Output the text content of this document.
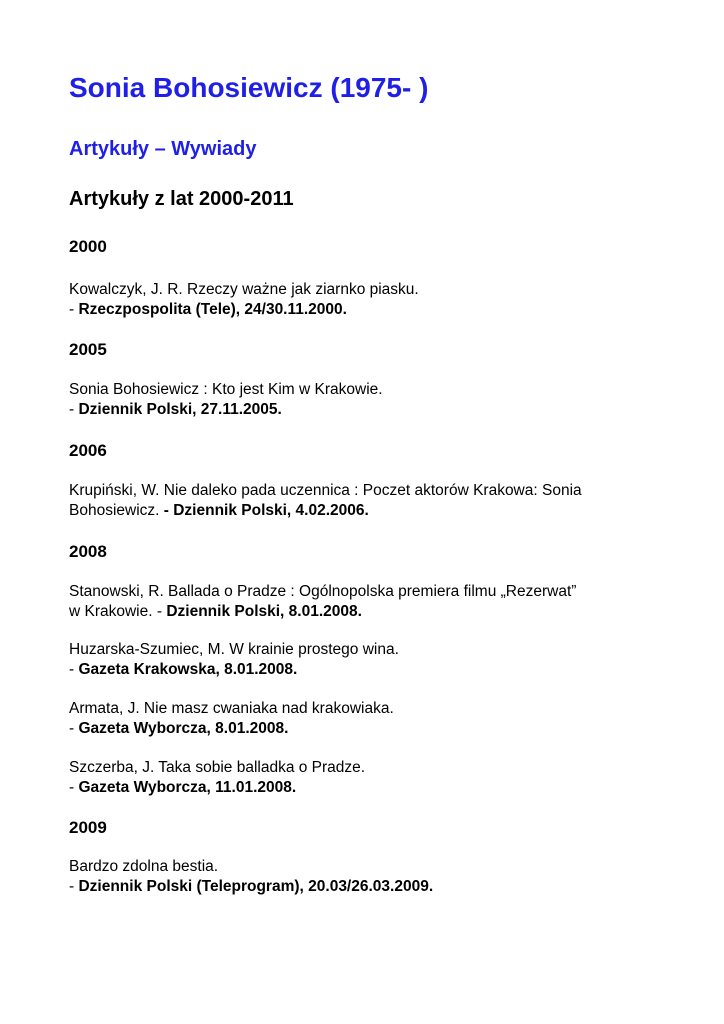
Sonia Bohosiewicz (1975- )
Artykuły – Wywiady
Artykuły z lat 2000-2011
2000
Kowalczyk, J. R. Rzeczy ważne jak ziarnko piasku.
- Rzeczpospolita (Tele), 24/30.11.2000.
2005
Sonia Bohosiewicz : Kto jest Kim w Krakowie.
- Dziennik Polski, 27.11.2005.
2006
Krupiński, W. Nie daleko pada uczennica : Poczet aktorów Krakowa: Sonia
Bohosiewicz. - Dziennik Polski, 4.02.2006.
2008
Stanowski, R. Ballada o Pradze : Ogólnopolska premiera filmu „Rezerwat”
w Krakowie. - Dziennik Polski, 8.01.2008.
Huzarska-Szumiec, M. W krainie prostego wina.
- Gazeta Krakowska, 8.01.2008.
Armata, J. Nie masz cwaniaka nad krakowiaka.
- Gazeta Wyborcza, 8.01.2008.
Szczerba, J. Taka sobie balladka o Pradze.
- Gazeta Wyborcza, 11.01.2008.
2009
Bardzo zdolna bestia.
- Dziennik Polski (Teleprogram), 20.03/26.03.2009.
